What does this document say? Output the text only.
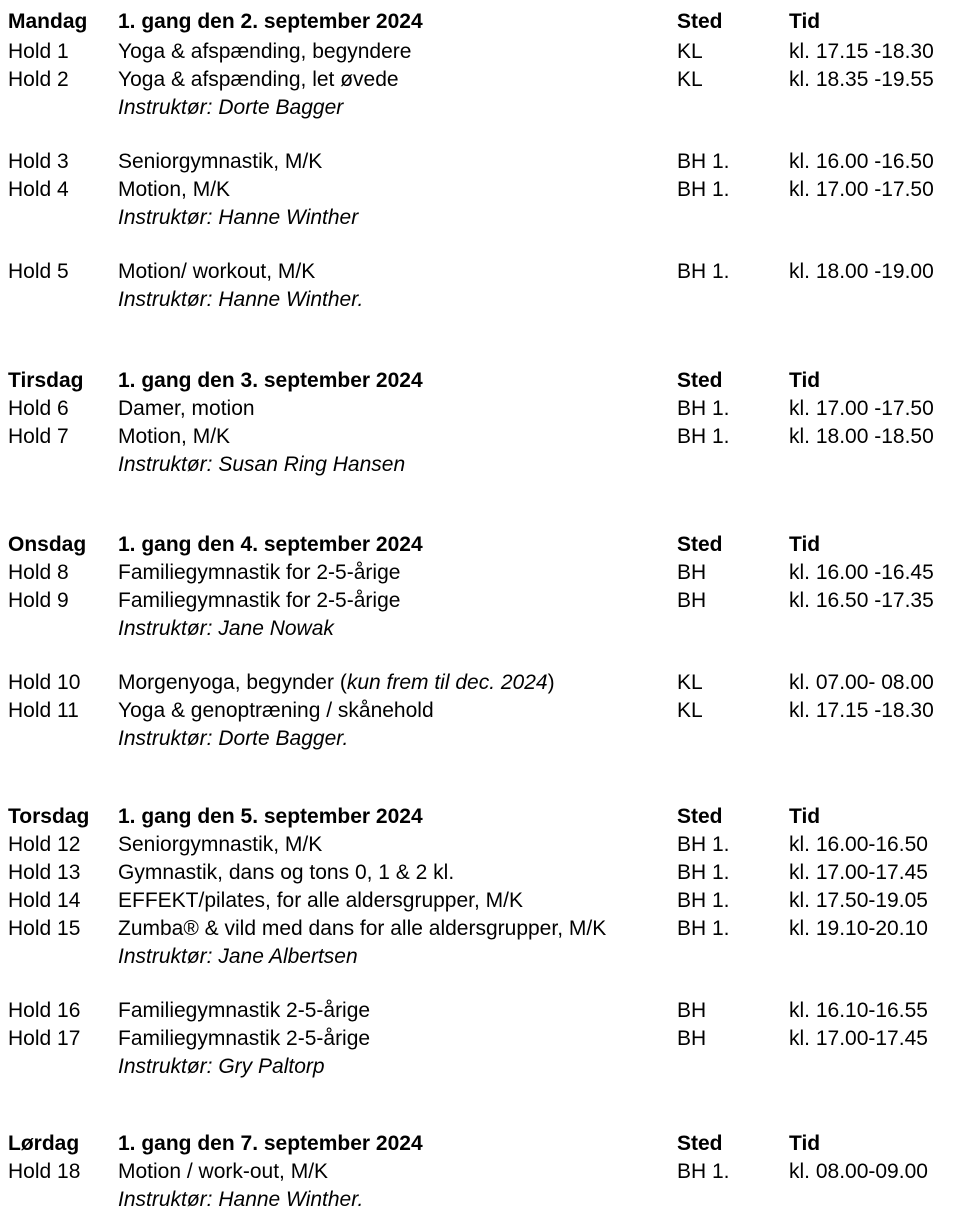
Mandag 1. gang den 2. september 2024	Sted	Tid
Hold 1 Yoga & afspænding, begyndere	KL	kl. 17.15 -18.30
Hold 2 Yoga & afspænding, let øvede	KL	kl. 18.35 -19.55
Instruktør: Dorte Bagger
Hold 3 Seniorgymnastik, M/K	BH 1.	kl. 16.00 -16.50
Hold 4 Motion, M/K	BH 1.	kl. 17.00 -17.50
Instruktør: Hanne Winther
Hold 5 Motion/ workout, M/K	BH 1.	kl. 18.00 -19.00
Instruktør: Hanne Winther.
Tirsdag 1. gang den 3. september 2024	Sted	Tid
Hold 6 Damer, motion	BH 1.	kl. 17.00 -17.50
Hold 7 Motion, M/K	BH 1.	kl. 18.00 -18.50
Instruktør: Susan Ring Hansen
Onsdag 1. gang den 4. september 2024	Sted	Tid
Hold 8 Familiegymnastik for 2-5-årige	BH	kl. 16.00 -16.45
Hold 9 Familiegymnastik for 2-5-årige	BH	kl. 16.50 -17.35
Instruktør: Jane Nowak
Hold 10 Morgenyoga, begynder (kun frem til dec. 2024)	KL	kl. 07.00- 08.00
Hold 11 Yoga & genoptræning / skånehold	KL	kl. 17.15 -18.30
Instruktør: Dorte Bagger.
Torsdag 1. gang den 5. september 2024	Sted	Tid
Hold 12 Seniorgymnastik, M/K	BH 1.	kl. 16.00-16.50
Hold 13 Gymnastik, dans og tons 0, 1 & 2 kl.	BH 1.	kl. 17.00-17.45
Hold 14 EFFEKT/pilates, for alle aldersgrupper, M/K	BH 1.	kl. 17.50-19.05
Hold 15 Zumba® & vild med dans for alle aldersgrupper, M/K	BH 1.	kl. 19.10-20.10
Instruktør: Jane Albertsen
Hold 16 Familiegymnastik 2-5-årige	BH	kl. 16.10-16.55
Hold 17 Familiegymnastik 2-5-årige	BH	kl. 17.00-17.45
Instruktør: Gry Paltorp
Lørdag 1. gang den 7. september 2024	Sted	Tid
Hold 18 Motion / work-out, M/K	BH 1.	kl. 08.00-09.00
Instruktør: Hanne Winther.
